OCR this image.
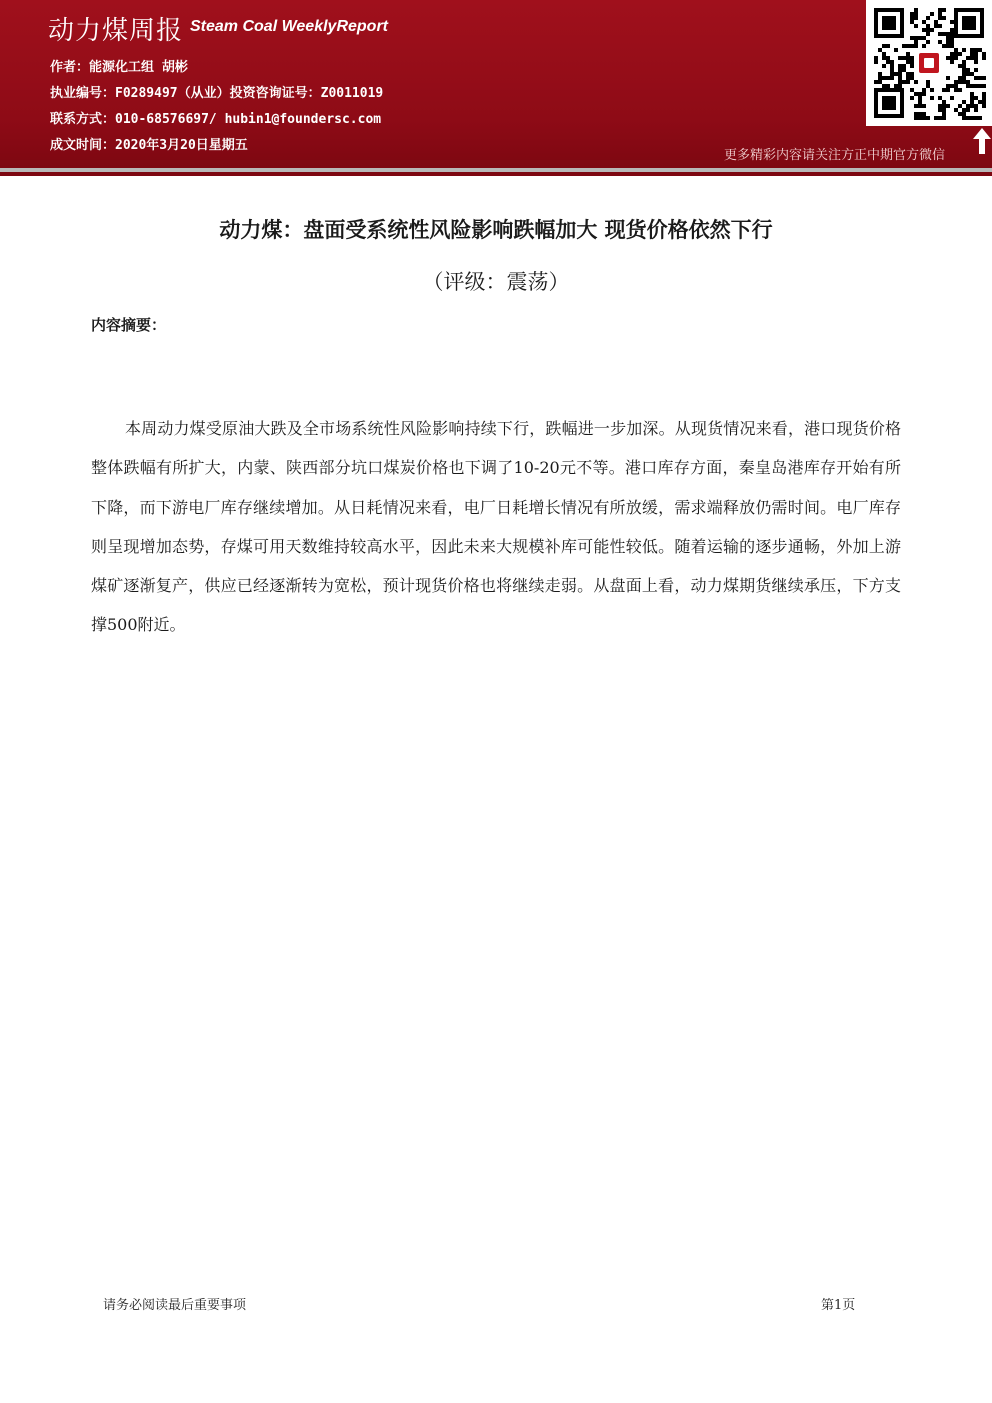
动力煤周报 Steam Coal WeeklyReport
作者：能源化工组 胡彬
执业编号：F0289497（从业）投资咨询证号：Z0011019
联系方式：010-68576697/ hubin1@foundersc.com
成文时间：2020年3月20日星期五
更多精彩内容请关注方正中期官方微信
动力煤：盘面受系统性风险影响跌幅加大 现货价格依然下行
（评级：震荡）
内容摘要：
本周动力煤受原油大跌及全市场系统性风险影响持续下行，跌幅进一步加深。从现货情况来看，港口现货价格整体跌幅有所扩大，内蒙、陕西部分坑口煤炭价格也下调了10-20元不等。港口库存方面，秦皇岛港库存开始有所下降，而下游电厂库存继续增加。从日耗情况来看，电厂日耗增长情况有所放缓，需求端释放仍需时间。电厂库存则呈现增加态势，存煤可用天数维持较高水平，因此未来大规模补库可能性较低。随着运输的逐步通畅，外加上游煤矿逐渐复产，供应已经逐渐转为宽松，预计现货价格也将继续走弱。从盘面上看，动力煤期货继续承压，下方支撑500附近。
请务必阅读最后重要事项	第1页
